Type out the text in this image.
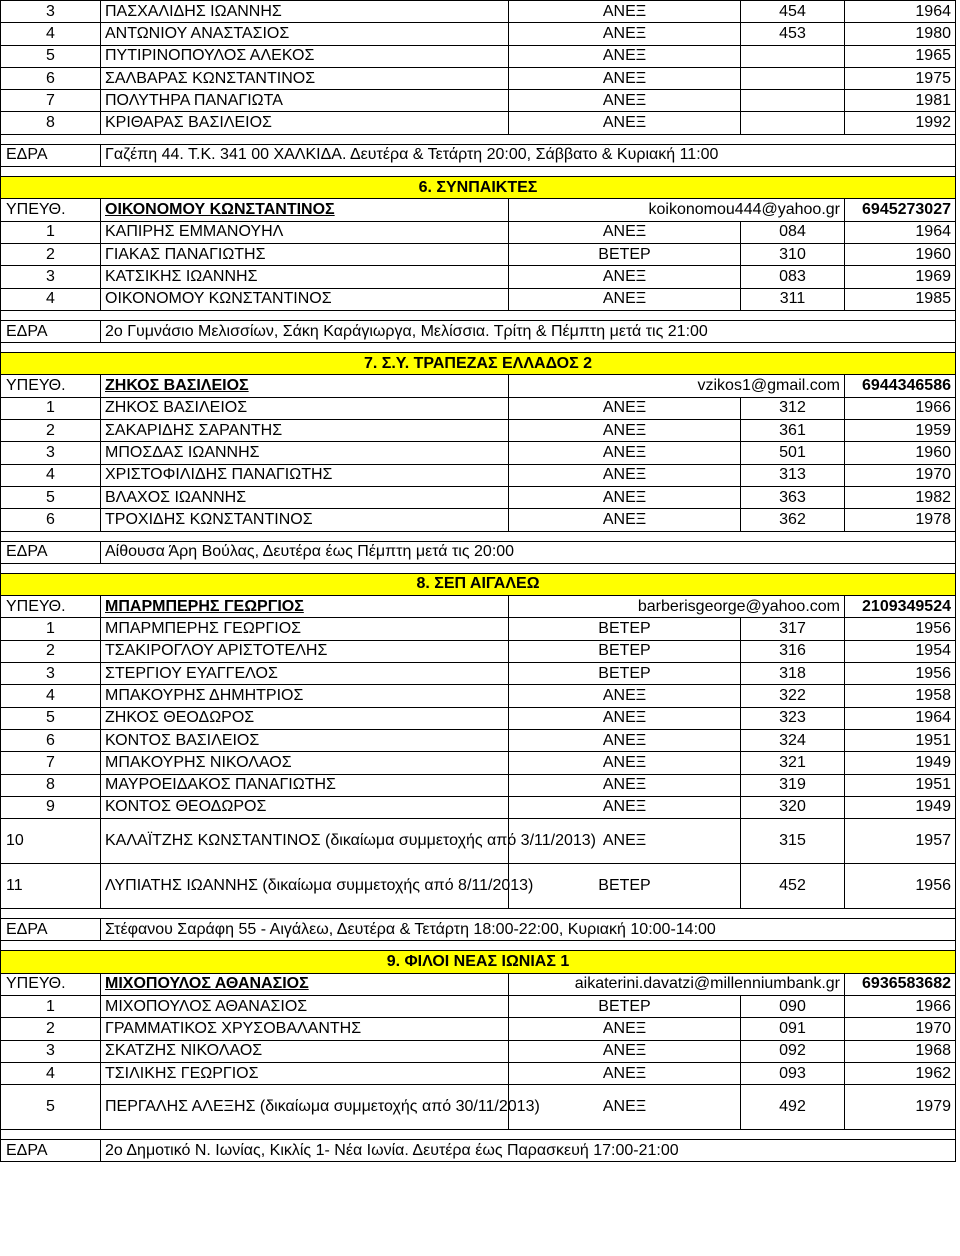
3	ΠΑΣΧΑΛΙΔΗΣ ΙΩΑΝΝΗΣ	ΑΝΕΞ	454	1964
4	ΑΝΤΩΝΙΟΥ ΑΝΑΣΤΑΣΙΟΣ	ΑΝΕΞ	453	1980
5	ΠΥΤΙΡΙΝΟΠΟΥΛΟΣ ΑΛΕΚΟΣ	ΑΝΕΞ		1965
6	ΣΑΛΒΑΡΑΣ ΚΩΝΣΤΑΝΤΙΝΟΣ	ΑΝΕΞ		1975
7	ΠΟΛΥΤΗΡΑ ΠΑΝΑΓΙΩΤΑ	ΑΝΕΞ		1981
8	ΚΡΙΘΑΡΑΣ ΒΑΣΙΛΕΙΟΣ	ΑΝΕΞ		1992

ΕΔΡΑ	Γαζέπη 44. Τ.Κ. 341 00 ΧΑΛΚΙΔΑ. Δευτέρα & Τετάρτη 20:00, Σάββατο & Κυριακή 11:00			

6. ΣΥΝΠΑΙΚΤΕΣ				
ΥΠΕΥΘ.	ΟΙΚΟΝΟΜΟΥ ΚΩΝΣΤΑΝΤΙΝΟΣ	koikonomou444@yahoo.gr		6945273027
1	ΚΑΠΙΡΗΣ ΕΜΜΑΝΟΥΗΛ	ΑΝΕΞ	084	1964
2	ΓΙΑΚΑΣ ΠΑΝΑΓΙΩΤΗΣ	ΒΕΤΕΡ	310	1960
3	ΚΑΤΣΙΚΗΣ ΙΩΑΝΝΗΣ	ΑΝΕΞ	083	1969
4	ΟΙΚΟΝΟΜΟΥ ΚΩΝΣΤΑΝΤΙΝΟΣ	ΑΝΕΞ	311	1985

ΕΔΡΑ	2ο Γυμνάσιο Μελισσίων, Σάκη Καράγιωργα, Μελίσσια. Τρίτη & Πέμπτη μετά τις 21:00			

7. Σ.Υ. ΤΡΑΠΕΖΑΣ ΕΛΛΑΔΟΣ 2				
ΥΠΕΥΘ.	ΖΗΚΟΣ ΒΑΣΙΛΕΙΟΣ	vzikos1@gmail.com		6944346586
1	ΖΗΚΟΣ ΒΑΣΙΛΕΙΟΣ	ΑΝΕΞ	312	1966
2	ΣΑΚΑΡΙΔΗΣ ΣΑΡΑΝΤΗΣ	ΑΝΕΞ	361	1959
3	ΜΠΟΣΔΑΣ ΙΩΑΝΝΗΣ	ΑΝΕΞ	501	1960
4	ΧΡΙΣΤΟΦΙΛΙΔΗΣ ΠΑΝΑΓΙΩΤΗΣ	ΑΝΕΞ	313	1970
5	ΒΛΑΧΟΣ ΙΩΑΝΝΗΣ	ΑΝΕΞ	363	1982
6	ΤΡΟΧΙΔΗΣ ΚΩΝΣΤΑΝΤΙΝΟΣ	ΑΝΕΞ	362	1978

ΕΔΡΑ	Αίθουσα Άρη Βούλας, Δευτέρα έως Πέμπτη μετά τις 20:00			

8. ΣΕΠ ΑΙΓΑΛΕΩ				
ΥΠΕΥΘ.	ΜΠΑΡΜΠΕΡΗΣ ΓΕΩΡΓΙΟΣ	barberisgeorge@yahoo.com		2109349524
1	ΜΠΑΡΜΠΕΡΗΣ ΓΕΩΡΓΙΟΣ	ΒΕΤΕΡ	317	1956
2	ΤΣΑΚΙΡΟΓΛΟΥ ΑΡΙΣΤΟΤΕΛΗΣ	ΒΕΤΕΡ	316	1954
3	ΣΤΕΡΓΙΟΥ ΕΥΑΓΓΕΛΟΣ	ΒΕΤΕΡ	318	1956
4	ΜΠΑΚΟΥΡΗΣ ΔΗΜΗΤΡΙΟΣ	ΑΝΕΞ	322	1958
5	ΖΗΚΟΣ ΘΕΟΔΩΡΟΣ	ΑΝΕΞ	323	1964
6	ΚΟΝΤΟΣ ΒΑΣΙΛΕΙΟΣ	ΑΝΕΞ	324	1951
7	ΜΠΑΚΟΥΡΗΣ ΝΙΚΟΛΑΟΣ	ΑΝΕΞ	321	1949
8	ΜΑΥΡΟΕΙΔΑΚΟΣ ΠΑΝΑΓΙΩΤΗΣ	ΑΝΕΞ	319	1951
9	ΚΟΝΤΟΣ ΘΕΟΔΩΡΟΣ	ΑΝΕΞ	320	1949
10	ΚΑΛΑΪΤΖΗΣ ΚΩΝΣΤΑΝΤΙΝΟΣ (δικαίωμα συμμετοχής από 3/11/2013)	ΑΝΕΞ	315	1957
11	ΛΥΠΙΑΤΗΣ ΙΩΑΝΝΗΣ (δικαίωμα συμμετοχής από 8/11/2013)	ΒΕΤΕΡ	452	1956

ΕΔΡΑ	Στέφανου Σαράφη 55 - Αιγάλεω, Δευτέρα & Τετάρτη 18:00-22:00, Κυριακή 10:00-14:00			

9. ΦΙΛΟΙ ΝΕΑΣ ΙΩΝΙΑΣ 1				
ΥΠΕΥΘ.	ΜΙΧΟΠΟΥΛΟΣ ΑΘΑΝΑΣΙΟΣ	aikaterini.davatzi@millenniumbank.gr		6936583682
1	ΜΙΧΟΠΟΥΛΟΣ ΑΘΑΝΑΣΙΟΣ	ΒΕΤΕΡ	090	1966
2	ΓΡΑΜΜΑΤΙΚΟΣ ΧΡΥΣΟΒΑΛΑΝΤΗΣ	ΑΝΕΞ	091	1970
3	ΣΚΑΤΖΗΣ ΝΙΚΟΛΑΟΣ	ΑΝΕΞ	092	1968
4	ΤΣΙΛΙΚΗΣ ΓΕΩΡΓΙΟΣ	ΑΝΕΞ	093	1962
5	ΠΕΡΓΑΛΗΣ ΑΛΕΞΗΣ (δικαίωμα συμμετοχής από 30/11/2013)	ΑΝΕΞ	492	1979

ΕΔΡΑ	2ο Δημοτικό Ν. Ιωνίας, Κικλίς 1- Νέα Ιωνία. Δευτέρα έως Παρασκευή 17:00-21:00			
